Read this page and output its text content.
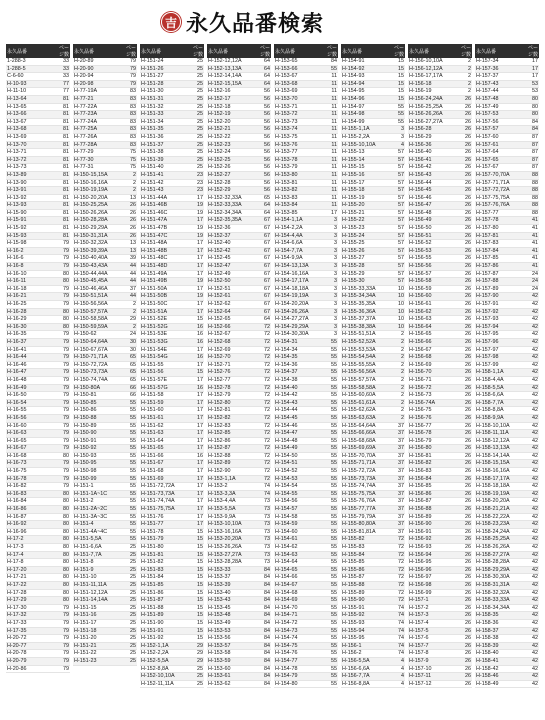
吉 永久品番検索
永久品番	ページ数
1-288-3	33
1-288-5	33
C-6-60	33
H-10-93	77
H-11-10	77
H-13-64	81
H-13-65	81
H-13-66	81
H-13-67	81
H-13-68	81
H-13-69	81
H-13-70	81
H-13-71	81
H-13-72	81
H-13-73	81
H-13-89	81
H-13-90	81
H-13-91	81
H-13-92	81
H-13-93	81
H-15-90	81
H-15-91	81
H-15-92	81
H-15-93	81
H-15-98	79
H-16-2	79
H-16-6	79
H-16-8	79
H-16-10	80
H-16-11	80
H-16-18	79
H-16-21	79
H-16-25	79
H-16-28	80
H-16-29	80
H-16-30	80
H-16-35	79
H-16-37	79
H-16-41	79
H-16-44	79
H-16-46	79
H-16-47	79
H-16-48	79
H-16-49	79
H-16-50	79
H-16-54	79
H-16-55	79
H-16-56	79
H-16-60	79
H-16-63	79
H-16-65	79
H-16-67	79
H-16-68	80
H-16-73	79
H-16-75	79
H-16-78	79
H-16-82	79
H-16-83	80
H-16-84	80
H-16-86	80
H-16-87	80
H-16-92	80
H-16-96	80
H-17-2	80
H-17-3	80
H-17-4	80
H-17-8	80
H-17-20	80
H-17-21	80
H-17-22	80
H-17-28	80
H-17-29	80
H-17-30	79
H-17-32	79
H-17-33	79
H-17-35	79
H-20-72	79
H-20-77	79
H-20-78	79
H-20-79	79
H-20-86	79
永久品番	ページ数
H-20-89	79
H-20-90	79
H-20-94	79
H-20-98	79
H-77-19A	83
H-77-21	83
H-77-22A	83
H-77-23A	83
H-77-24A	83
H-77-25A	83
H-77-26A	83
H-77-28A	83
H-77-29	75
H-77-30	75
H-77-31	75
H-150-15,15A	2
H-150-16,16A	2
H-150-19,19A	2
H-150-20,20A	13
H-150-25,25A	26
H-150-26,26A	26
H-150-28,28A	26
H-150-29,29A	26
H-150-31,31A	26
H-150-32,32A	13
H-150-39,39A	13
H-150-40,40A	39
H-150-43,43A	44
H-150-44,44A	44
H-150-45,45A	44
H-150-46,46A	37
H-150-51,51A	44
H-150-56,56A	2
H-150-57,57A	2
H-150-58,58A	29
H-150-59,59A	2
H-150-62	24
H-150-64,64A	30
H-150-67,67A	30
H-150-71,71A	65
H-150-72,72A	65
H-150-73,73A	65
H-150-74,74A	65
H-150-80A	66
H-150-81	66
H-150-85	55
H-150-86	55
H-150-88	55
H-150-89	55
H-150-90	55
H-150-91	55
H-150-92	55
H-150-93	55
H-150-95	55
H-150-98	55
H-150-99	55
H-151-1	55
H-151-1A~1C	55
H-151-2	55
H-151-2A~2C	55
H-151-3A~3C	55
H-151-4	55
H-151-4A~4C	55
H-151-5,5A	55
H-151-6,6A	25
H-151-7,7A	25
H-151-8	25
H-151-9	25
H-151-10	25
H-151-11,11A	25
H-151-12,12A	25
H-151-14,14A	25
H-151-15	25
H-151-16	25
H-151-17	25
H-151-18	25
H-151-20	25
H-151-21	25
H-151-22	25
H-151-23	25
永久品番	ページ数
H-151-24	25
H-151-26	25
H-151-27	25
H-151-28	25
H-151-30	25
H-151-31	25
H-151-32	25
H-151-33	25
H-151-34	25
H-151-35	25
H-151-36	25
H-151-37	25
H-151-38	25
H-151-39	25
H-151-40	25
H-151-41	23
H-151-42	23
H-151-43	23
H-151-44A	17
H-151-46B	19
H-151-46C	19
H-151-47A	17
H-151-47B	19
H-151-47C	19
H-151-48A	17
H-151-48B	17
H-151-48C	17
H-151-48D	17
H-151-49A	17
H-151-49B	19
H-151-50A	17
H-151-50B	19
H-151-50C	17
H-151-51A	17
H-151-52E	15
H-151-52G	16
H-151-53E	16
H-151-53G	16
H-151-54E	17
H-151-54G	16
H-151-55	17
H-151-56	15
H-151-57E	17
H-151-57G	16
H-151-58	17
H-151-59	17
H-151-60	17
H-151-61	17
H-151-62	17
H-151-63	17
H-151-64	17
H-151-65	17
H-151-66	16
H-151-67	17
H-151-68	17
H-151-69	17
H-151-72,72A	17
H-151-73,73A	17
H-151-74,74A	17
H-151-75,75A	17
H-151-76	17
H-151-77	17
H-151-78	15
H-151-79	15
H-151-80	15
H-151-81	15
H-151-82	15
H-151-83	15
H-151-84	15
H-151-85	15
H-151-86	15
H-151-87	15
H-151-88	15
H-151-89	15
H-151-90	15
H-151-91	15
H-151-92	15
H-152-1,1A	29
H-152-2,2A	29
H-152-5,5A	29
H-152-8,8A	25
H-152-10,10A	25
H-152-11,11A	25
永久品番	ページ数
H-152-12,12A	64
H-152-13,13A	64
H-152-14,14A	64
H-152-15,15A	64
H-152-16	56
H-152-17	56
H-152-18	56
H-152-19	56
H-152-20	56
H-152-21	56
H-152-22	56
H-152-23	56
H-152-24	56
H-152-25	56
H-152-26	56
H-152-27	56
H-152-28	56
H-152-29	56
H-152-32,33A	65
H-152-33,33A	64
H-152-34,34A	64
H-152-35,35A	67
H-152-36	67
H-152-37	67
H-152-40	67
H-152-42	67
H-152-45	67
H-152-47	67
H-152-49	67
H-152-50	67
H-152-51	67
H-152-61	67
H-152-62	67
H-152-64	67
H-152-65	64
H-152-66	72
H-152-67	72
H-152-68	72
H-152-69	72
H-152-70	72
H-152-71	72
H-152-76	72
H-152-77	72
H-152-78	72
H-152-79	72
H-152-80	72
H-152-81	72
H-152-82	72
H-152-83	72
H-152-85	72
H-152-86	72
H-152-87	72
H-152-88	72
H-152-89	72
H-152-90	72
H-153-1,1A	72
H-153-2	74
H-153-3,3A	74
H-153-4,4A	73
H-153-5,5A	73
H-153-9,9A	73
H-153-10,10A	73
H-153-16,16A	73
H-153-20,20A	73
H-153-26,26A	73
H-153-27,27A	73
H-153-28,28A	73
H-153-33	84
H-153-37	84
H-153-39	84
H-153-40	84
H-153-43	84
H-153-45	84
H-153-48	84
H-153-49	84
H-153-53	84
H-153-56	84
H-153-57	84
H-153-58	84
H-153-59	84
H-153-60	84
H-153-61	84
H-153-62	84
永久品番	ページ数
H-153-65	84
H-153-66	55
H-153-67	11
H-153-68	11
H-153-69	11
H-153-70	11
H-153-71	11
H-153-72	11
H-153-73	11
H-153-74	11
H-153-75	11
H-153-76	11
H-153-77	11
H-153-78	11
H-153-79	11
H-153-80	11
H-153-81	11
H-153-82	11
H-153-83	11
H-153-84	11
H-153-85	17
H-154-1,1A	3
H-154-2,2A	3
H-154-4,4A	3
H-154-6,6A	3
H-154-7,7A	3
H-154-9,9A	3
H-154-13,13A	3
H-154-16,16A	3
H-154-17,17A	3
H-154-18,18A	3
H-154-19,19A	3
H-154-20,20A	3
H-154-26,26A	3
H-154-27,27A	3
H-154-29,29A	3
H-154-30,30A	3
H-154-31	55
H-154-34	55
H-154-35	55
H-154-36	55
H-154-37	55
H-154-38	55
H-154-40	55
H-154-42	55
H-154-43	55
H-154-44	55
H-154-45	55
H-154-46	55
H-154-47	55
H-154-48	55
H-154-49	55
H-154-50	55
H-154-51	55
H-154-52	55
H-154-53	55
H-154-54	55
H-154-55	55
H-154-56	55
H-154-57	55
H-154-58	55
H-154-59	55
H-154-60	55
H-154-61	55
H-154-62	55
H-154-63	55
H-154-64	55
H-154-65	55
H-154-66	55
H-154-67	55
H-154-68	55
H-154-69	55
H-154-70	55
H-154-71	55
H-154-72	55
H-154-73	55
H-154-74	55
H-154-75	55
H-154-76	55
H-154-77	55
H-154-78	55
H-154-79	55
H-154-80	55
永久品番	ページ数
H-154-91	15
H-154-92	15
H-154-93	15
H-154-94	15
H-154-95	15
H-154-96	15
H-154-97	55
H-154-98	55
H-154-99	55
H-155-1,1A	3
H-155-2,2A	3
H-155-10,10A	4
H-155-13	57
H-155-14	57
H-155-15	57
H-155-16	57
H-155-17	57
H-155-18	57
H-155-19	57
H-155-20	57
H-155-21	57
H-155-22	57
H-155-23	57
H-155-24	57
H-155-25	57
H-155-26	57
H-155-27	57
H-155-28	57
H-155-29	57
H-155-30	57
H-155-33,33A	10
H-155-34,34A	10
H-155-35,35A	10
H-155-36,36A	10
H-155-37,37A	10
H-155-38,38A	10
H-155-51,51A	2
H-155-52,52A	2
H-155-53,53A	2
H-155-54,54A	2
H-155-55,55A	2
H-155-56,56A	2
H-155-57,57A	2
H-155-58,58A	2
H-155-60,60A	2
H-155-61,61A	2
H-155-62,62A	2
H-155-63,63A	2
H-155-64,64A	37
H-155-66,66A	37
H-155-68,68A	37
H-155-69,69A	37
H-155-70,70A	37
H-155-71,71A	37
H-155-72,72A	37
H-155-73,73A	37
H-155-74,74A	37
H-155-75,75A	37
H-155-76,76A	37
H-155-77,77A	37
H-155-79,79A	37
H-155-80,80A	37
H-155-81,81A	37
H-155-82	72
H-155-83	72
H-155-84	72
H-155-85	72
H-155-86	72
H-155-87	72
H-155-88	72
H-155-89	72
H-155-90	72
H-155-91	74
H-155-92	74
H-155-93	74
H-155-94	74
H-155-95	74
H-156-1	74
H-156-2	74
H-156-5,5A	4
H-156-6,6A	4
H-156-7,7A	4
H-156-8,8A	4
永久品番	ページ数
H-156-10,10A	2
H-156-12,12A	2
H-156-17,17A	2
H-156-18	2
H-156-19	2
H-156-24,24A	26
H-156-25,25A	26
H-156-26,26A	26
H-156-27,27A	26
H-156-28	26
H-156-29	26
H-156-36	26
H-156-40	26
H-156-41	26
H-156-42	26
H-156-43	26
H-156-44	26
H-156-45	26
H-156-46	26
H-156-47	26
H-156-48	26
H-156-49	26
H-156-50	26
H-156-51	26
H-156-52	26
H-156-53	26
H-156-55	26
H-156-56	26
H-156-57	26
H-156-58	26
H-156-59	26
H-156-60	26
H-156-61	26
H-156-62	26
H-156-63	26
H-156-64	26
H-156-65	26
H-156-66	26
H-156-67	26
H-156-68	26
H-156-69	26
H-156-70	26
H-156-71	26
H-156-72	26
H-156-73	26
H-156-74A	26
H-156-75	26
H-156-76	26
H-156-77	26
H-156-78	26
H-156-79	26
H-156-80	26
H-156-81	26
H-156-82	26
H-156-83	26
H-156-84	26
H-156-85	26
H-156-86	26
H-156-87	26
H-156-88	26
H-156-89	26
H-156-90	26
H-156-91	26
H-156-92	26
H-156-93	26
H-156-94	26
H-156-95	26
H-156-96	26
H-156-97	26
H-156-98	26
H-156-99	26
H-157-1	26
H-157-2	26
H-157-3	26
H-157-4	26
H-157-5	26
H-157-6	26
H-157-7	26
H-157-8	26
H-157-9	26
H-157-10	26
H-157-11	26
H-157-12	26
永久品番	ページ数
H-157-34	17
H-157-36	17
H-157-37	17
H-157-43	53
H-157-44	53
H-157-48	80
H-157-49	80
H-157-53	80
H-157-56	84
H-157-57	84
H-157-60	87
H-157-61	87
H-157-64	87
H-157-65	87
H-157-67	87
H-157-70,70A	88
H-157-71,71A	88
H-157-72,72A	88
H-157-75,75A	88
H-157-76,76A	88
H-157-77	88
H-157-78	41
H-157-80	41
H-157-81	41
H-157-83	41
H-157-84	41
H-157-85	41
H-157-86	41
H-157-87	24
H-157-88	24
H-157-89	24
H-157-90	42
H-157-91	42
H-157-92	42
H-157-93	42
H-157-94	42
H-157-95	42
H-157-96	42
H-157-97	42
H-157-98	42
H-157-99	42
H-158-1,1A	42
H-158-4,4A	42
H-158-5,5A	42
H-158-6,6A	42
H-158-7,7A	42
H-158-8,8A	42
H-158-9,9A	42
H-158-10,10A	42
H-158-11,11A	42
H-158-12,12A	42
H-158-13,13A	42
H-158-14,14A	42
H-158-15,15A	42
H-158-16,16A	42
H-158-17,17A	42
H-158-18,18A	42
H-158-19,19A	42
H-158-20,20A	42
H-158-21,21A	42
H-158-22,22A	42
H-158-23,23A	42
H-158-24,24A	42
H-158-25,25A	42
H-158-26,26A	42
H-158-27,27A	42
H-158-28,28A	42
H-158-29,29A	42
H-158-30,30A	42
H-158-31,31A	42
H-158-32,32A	42
H-158-33,33A	42
H-158-34,34A	42
H-158-35	42
H-158-36	42
H-158-37	42
H-158-38	42
H-158-39	42
H-158-40	42
H-158-41	42
H-158-42	42
H-158-46	42
H-158-49	42
